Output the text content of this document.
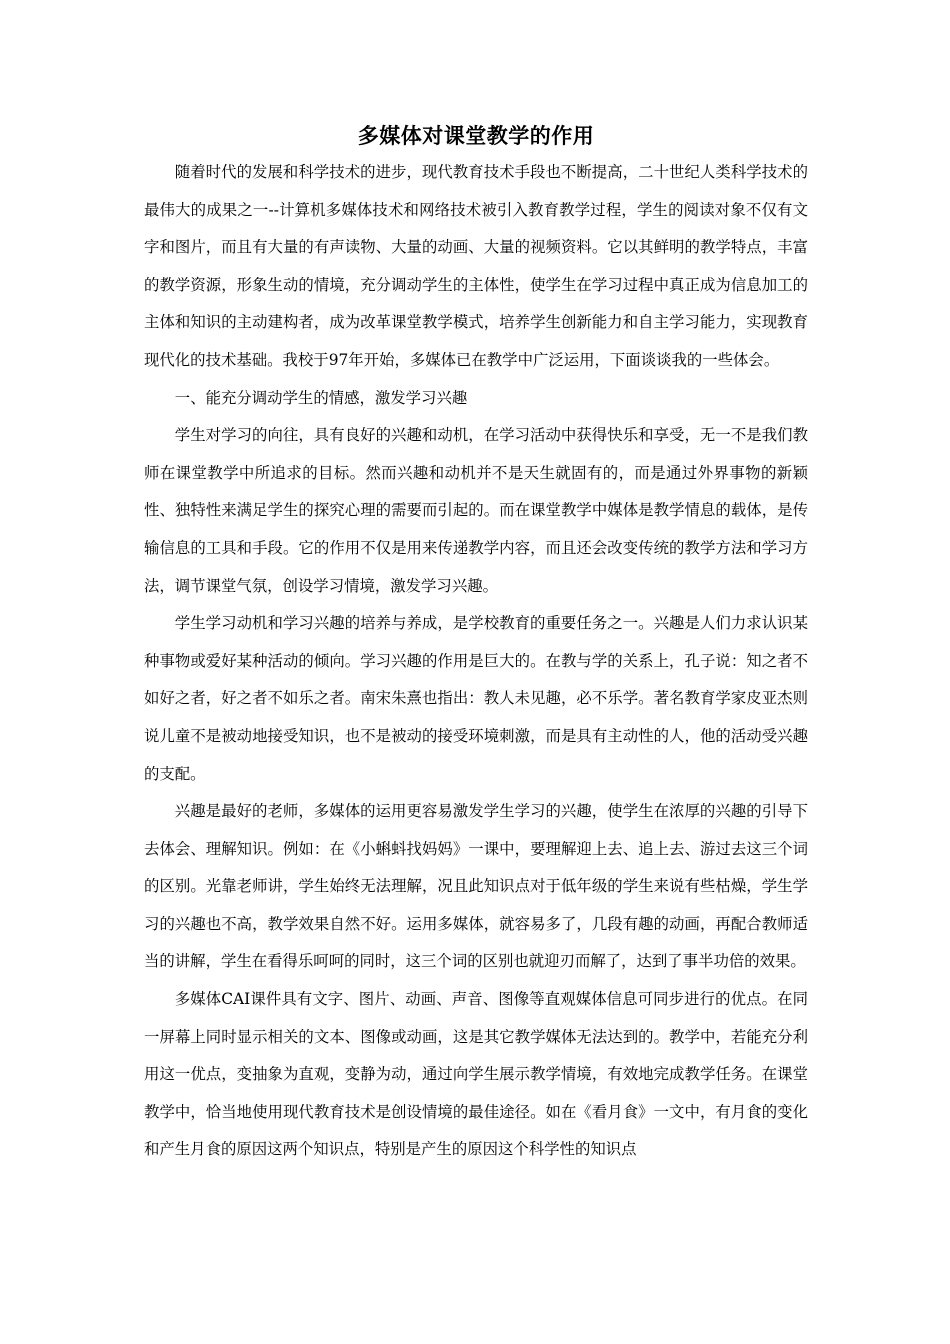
多媒体对课堂教学的作用

随着时代的发展和科学技术的进步，现代教育技术手段也不断提高，二十世纪人类科学技术的最伟大的成果之一--计算机多媒体技术和网络技术被引入教育教学过程，学生的阅读对象不仅有文字和图片，而且有大量的有声读物、大量的动画、大量的视频资料。它以其鲜明的教学特点，丰富的教学资源，形象生动的情境，充分调动学生的主体性，使学生在学习过程中真正成为信息加工的主体和知识的主动建构者，成为改革课堂教学模式，培养学生创新能力和自主学习能力，实现教育现代化的技术基础。我校于97年开始，多媒体已在教学中广泛运用，下面谈谈我的一些体会。

一、能充分调动学生的情感，激发学习兴趣

学生对学习的向往，具有良好的兴趣和动机，在学习活动中获得快乐和享受，无一不是我们教师在课堂教学中所追求的目标。然而兴趣和动机并不是天生就固有的，而是通过外界事物的新颖性、独特性来满足学生的探究心理的需要而引起的。而在课堂教学中媒体是教学情息的载体，是传输信息的工具和手段。它的作用不仅是用来传递教学内容，而且还会改变传统的教学方法和学习方法，调节课堂气氛，创设学习情境，激发学习兴趣。

学生学习动机和学习兴趣的培养与养成，是学校教育的重要任务之一。兴趣是人们力求认识某种事物或爱好某种活动的倾向。学习兴趣的作用是巨大的。在教与学的关系上，孔子说：知之者不如好之者，好之者不如乐之者。南宋朱熹也指出：教人未见趣，必不乐学。著名教育学家皮亚杰则说儿童不是被动地接受知识，也不是被动的接受环境刺激，而是具有主动性的人，他的活动受兴趣的支配。

兴趣是最好的老师，多媒体的运用更容易激发学生学习的兴趣，使学生在浓厚的兴趣的引导下去体会、理解知识。例如：在《小蝌蚪找妈妈》一课中，要理解迎上去、追上去、游过去这三个词的区别。光靠老师讲，学生始终无法理解，况且此知识点对于低年级的学生来说有些枯燥，学生学习的兴趣也不高，教学效果自然不好。运用多媒体，就容易多了，几段有趣的动画，再配合教师适当的讲解，学生在看得乐呵呵的同时，这三个词的区别也就迎刃而解了，达到了事半功倍的效果。

多媒体CAI课件具有文字、图片、动画、声音、图像等直观媒体信息可同步进行的优点。在同一屏幕上同时显示相关的文本、图像或动画，这是其它教学媒体无法达到的。教学中，若能充分利用这一优点，变抽象为直观，变静为动，通过向学生展示教学情境，有效地完成教学任务。在课堂教学中，恰当地使用现代教育技术是创设情境的最佳途径。如在《看月食》一文中，有月食的变化和产生月食的原因这两个知识点，特别是产生的原因这个科学性的知识点
